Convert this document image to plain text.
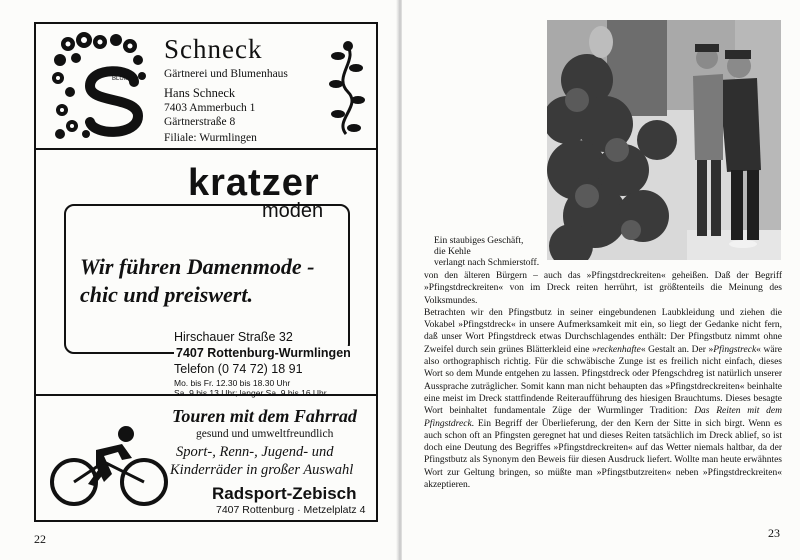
BLUMEN
Schneck
Gärtnerei und Blumenhaus
Hans Schneck
7403 Ammerbuch 1
Gärtnerstraße 8
Filiale: Wurmlingen
kratzer
moden
Wir führen Damenmode -
chic und preiswert.
Hirschauer Straße 32
7407 Rottenburg-Wurmlingen
Telefon (0 74 72) 18 91
Mo. bis Fr. 12.30 bis 18.30 Uhr
Sa. 9 bis 13 Uhr; langer Sa. 9 bis 16 Uhr
Touren mit dem Fahrrad
gesund und umweltfreundlich
Sport-, Renn-, Jugend- und
Kinderräder in großer Auswahl
Radsport-Zebisch
7407 Rottenburg · Metzelplatz 4
22
Ein staubiges Geschäft,
die Kehle
verlangt nach Schmierstoff.

von den älteren Bürgern – auch das »Pfingstdreckreiten« geheißen. Daß der Begriff »Pfingstdreckreiten« von im Dreck reiten herrührt, ist größtenteils die Meinung des Volksmundes.

Betrachten wir den Pfingstbutz in seiner eingebundenen Laubkleidung und ziehen die Vokabel »Pfingstdreck« in unsere Aufmerksamkeit mit ein, so liegt der Gedanke nicht fern, daß unser Wort Pfingstdreck etwas Durchschlagendes enthält: Der Pfingstbutz nimmt ohne Zweifel durch sein grünes Blätterkleid eine »reckenhafte« Gestalt an. Der »Pfingstreck« wäre also orthographisch richtig. Für die schwäbische Zunge ist es freilich nicht einfach, dieses Wort so dem Munde entgehen zu lassen. Pfingstdreck oder Pfengschdreg ist natürlich unserer Aussprache zuträglicher. Somit kann man nicht behaupten das »Pfingstdreckreiten« beinhalte eine meist im Dreck stattfindende Reiteraufführung des hiesigen Brauchtums. Dieses besagte Wort beinhaltet fundamentale Züge der Wurmlinger Tradition: Das Reiten mit dem Pfingstdreck. Ein Begriff der Überlieferung, der den Kern der Sitte in sich birgt. Wenn es auch schon oft an Pfingsten geregnet hat und dieses Reiten tatsächlich im Dreck ablief, so ist doch eine Deutung des Begriffes »Pfingstdreckreiten« auf das Wetter niemals haltbar, da der Pfingstbutz als Synonym den Beweis für diesen Ausdruck liefert. Wollte man heute erwähntes Wort zur Geltung bringen, so müßte man »Pfingstbutzreiten« neben »Pfingstdreckreiten« akzeptieren.

23
